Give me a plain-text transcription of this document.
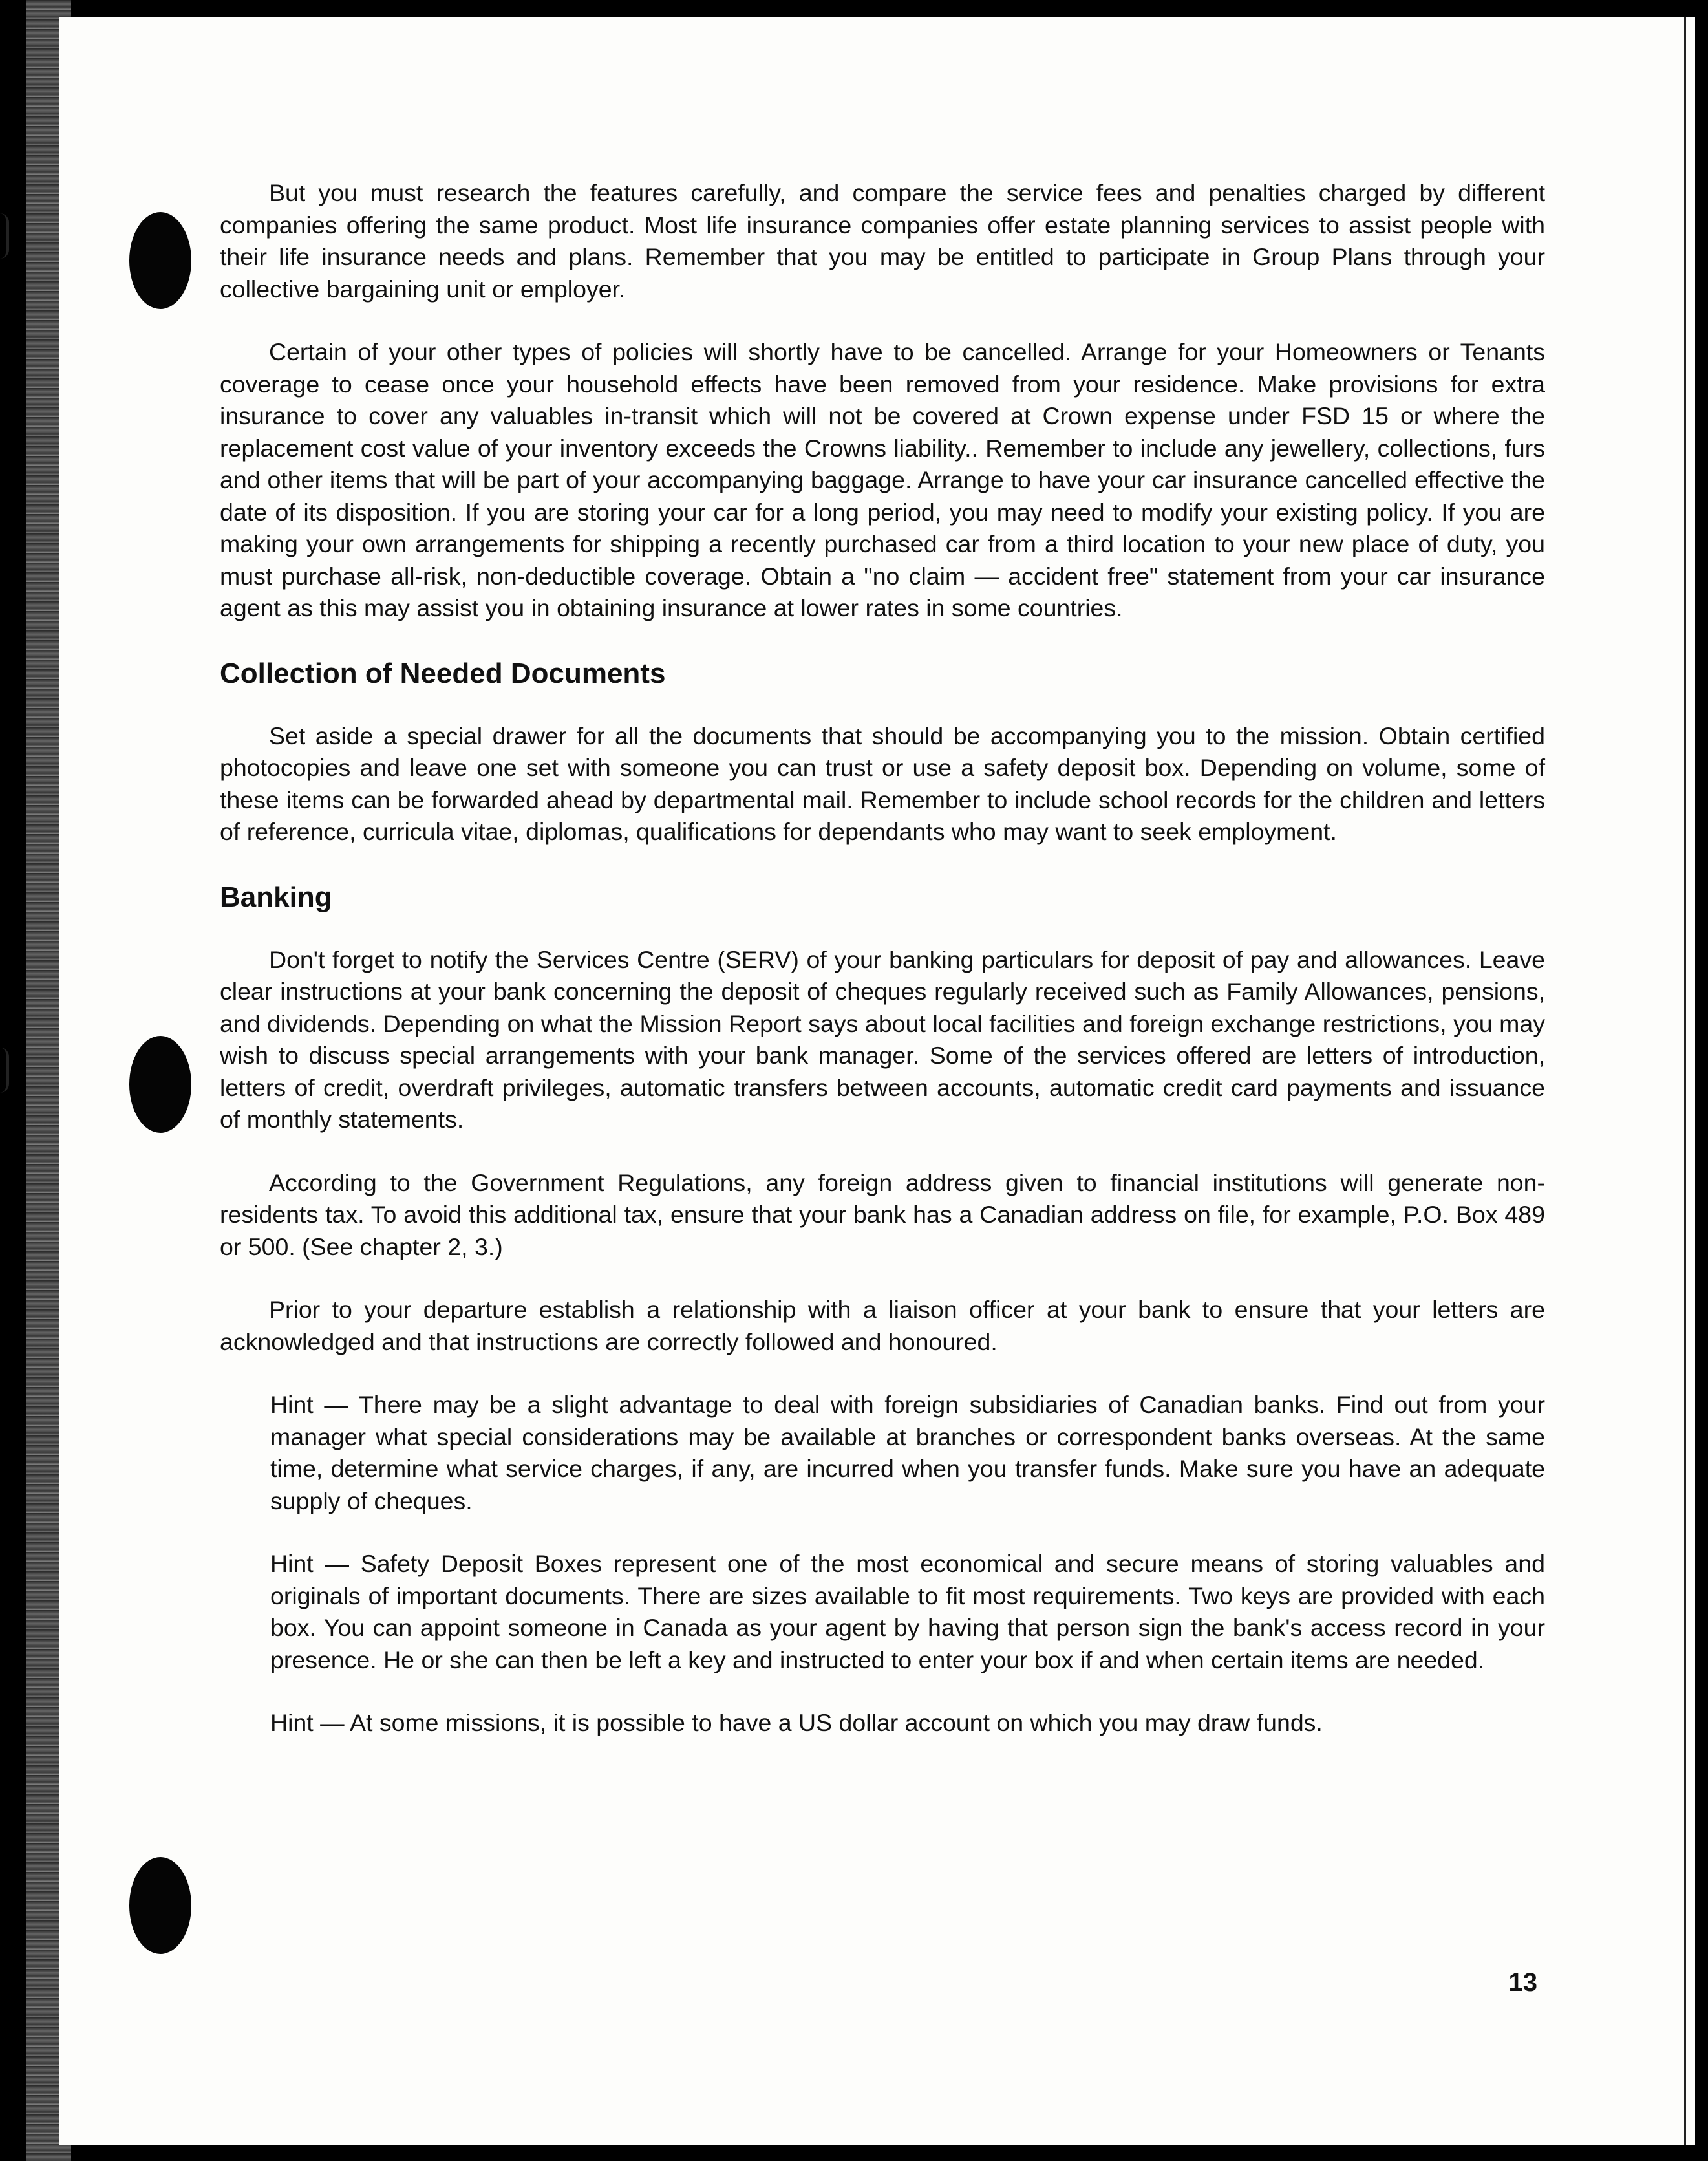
But you must research the features carefully, and compare the service fees and penalties charged by different companies offering the same product. Most life insurance companies offer estate planning services to assist people with their life insurance needs and plans. Remember that you may be entitled to participate in Group Plans through your collective bargaining unit or employer.

Certain of your other types of policies will shortly have to be cancelled. Arrange for your Homeowners or Tenants coverage to cease once your household effects have been removed from your residence. Make provisions for extra insurance to cover any valuables in-transit which will not be covered at Crown expense under FSD 15 or where the replacement cost value of your inventory exceeds the Crowns liability.. Remember to include any jewellery, collections, furs and other items that will be part of your accompanying baggage. Arrange to have your car insurance cancelled effective the date of its disposition. If you are storing your car for a long period, you may need to modify your existing policy. If you are making your own arrangements for shipping a recently purchased car from a third location to your new place of duty, you must purchase all-risk, non-deductible coverage. Obtain a "no claim — accident free" statement from your car insurance agent as this may assist you in obtaining insurance at lower rates in some countries.

Collection of Needed Documents

Set aside a special drawer for all the documents that should be accompanying you to the mission. Obtain certified photocopies and leave one set with someone you can trust or use a safety deposit box. Depending on volume, some of these items can be forwarded ahead by departmental mail. Remember to include school records for the children and letters of reference, curricula vitae, diplomas, qualifications for dependants who may want to seek employment.

Banking

Don't forget to notify the Services Centre (SERV) of your banking particulars for deposit of pay and allowances. Leave clear instructions at your bank concerning the deposit of cheques regularly received such as Family Allowances, pensions, and dividends. Depending on what the Mission Report says about local facilities and foreign exchange restrictions, you may wish to discuss special arrangements with your bank manager. Some of the services offered are letters of introduction, letters of credit, overdraft privileges, automatic transfers between accounts, automatic credit card payments and issuance of monthly statements.

According to the Government Regulations, any foreign address given to financial institutions will generate non-residents tax. To avoid this additional tax, ensure that your bank has a Canadian address on file, for example, P.O. Box 489 or 500. (See chapter 2, 3.)

Prior to your departure establish a relationship with a liaison officer at your bank to ensure that your letters are acknowledged and that instructions are correctly followed and honoured.

Hint — There may be a slight advantage to deal with foreign subsidiaries of Canadian banks. Find out from your manager what special considerations may be available at branches or correspondent banks overseas. At the same time, determine what service charges, if any, are incurred when you transfer funds. Make sure you have an adequate supply of cheques.
Hint — Safety Deposit Boxes represent one of the most economical and secure means of storing valuables and originals of important documents. There are sizes available to fit most requirements. Two keys are provided with each box. You can appoint someone in Canada as your agent by having that person sign the bank's access record in your presence. He or she can then be left a key and instructed to enter your box if and when certain items are needed.
Hint — At some missions, it is possible to have a US dollar account on which you may draw funds.
13
